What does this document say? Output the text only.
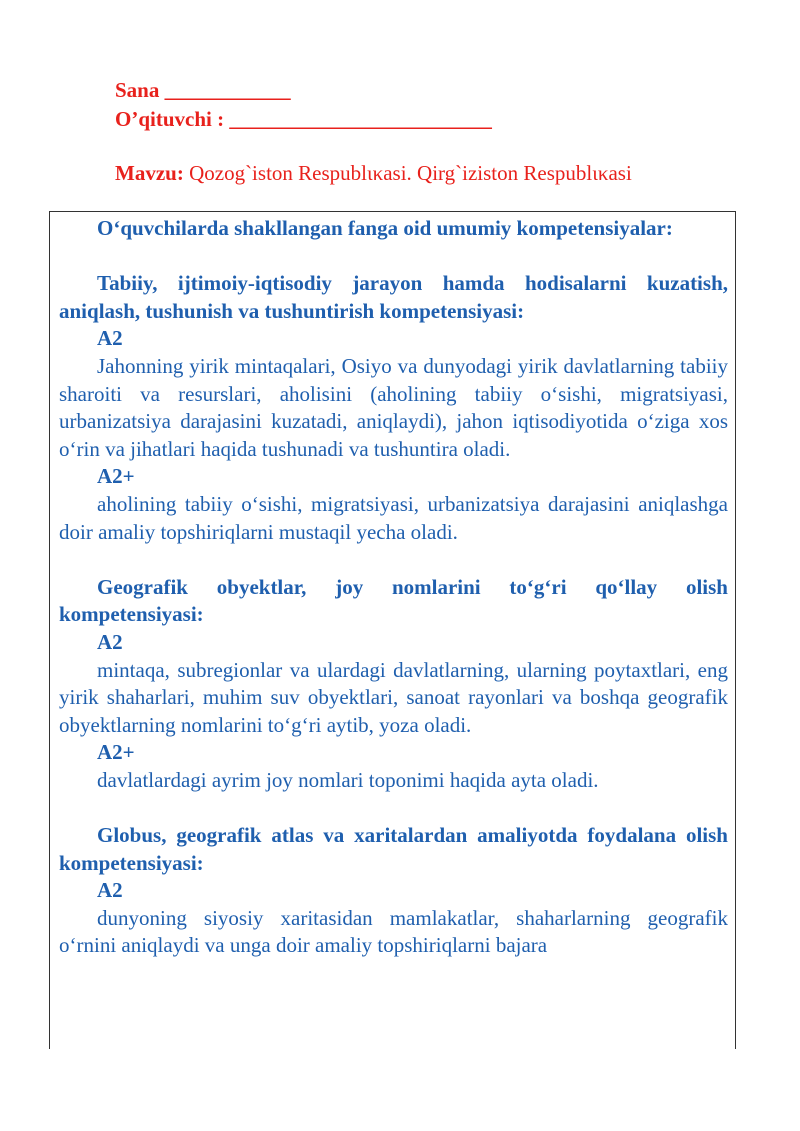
Sana ____________
O’qituvchi : _________________________
Mavzu: Qozog`iston Respublικasi. Qirg`iziston Respublικasi

O‘quvchilarda shakllangan fanga oid umumiy kompetensiyalar:

Tabiiy, ijtimoiy-iqtisodiy jarayon hamda hodisalarni kuzatish, aniqlash, tushunish va tushuntirish kompetensiyasi:

A2

Jahonning yirik mintaqalari, Osiyo va dunyodagi yirik davlatlarning tabiiy sharoiti va resurslari, aholisini (aholining tabiiy o‘sishi, migratsiyasi, urbanizatsiya darajasini kuzatadi, aniqlaydi), jahon iqtisodiyotida o‘ziga xos o‘rin va jihatlari haqida tushunadi va tushuntira oladi.

A2+

aholining tabiiy o‘sishi, migratsiyasi, urbanizatsiya darajasini aniqlashga doir amaliy topshiriqlarni mustaqil yecha oladi.

Geografik obyektlar, joy nomlarini to‘g‘ri qo‘llay olish kompetensiyasi:

A2

mintaqa, subregionlar va ulardagi davlatlarning, ularning poytaxtlari, eng yirik shaharlari, muhim suv obyektlari, sanoat rayonlari va boshqa geografik obyektlarning nomlarini to‘g‘ri aytib, yoza oladi.

A2+

davlatlardagi ayrim joy nomlari toponimi haqida ayta oladi.

Globus, geografik atlas va xaritalardan amaliyotda foydalana olish kompetensiyasi:

A2

dunyoning siyosiy xaritasidan mamlakatlar, shaharlarning geografik o‘rnini aniqlaydi va unga doir amaliy topshiriqlarni bajara
